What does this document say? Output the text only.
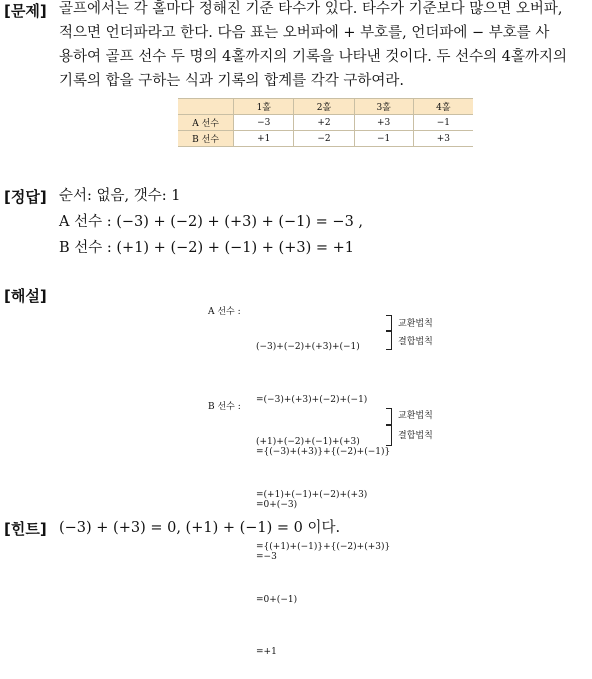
[문제] 골프에서는 각 홀마다 정해진 기준 타수가 있다. 타수가 기준보다 많으면 오버파,
적으면 언더파라고 한다. 다음 표는 오버파에 + 부호를, 언더파에 − 부호를 사
용하여 골프 선수 두 명의 4홀까지의 기록을 나타낸 것이다. 두 선수의 4홀까지의
기록의 합을 구하는 식과 기록의 합계를 각각 구하여라.
	1홀	2홀	3홀	4홀
A 선수	−3	+2	+3	−1
B 선수	+1	−2	−1	+3
[정답] 순서: 없음, 갯수: 1
A 선수 : (−3) + (−2) + (+3) + (−1) = −3 ,
B 선수 : (+1) + (−2) + (−1) + (+3) = +1
[해설]
A 선수 :

(−3)+(−2)+(+3)+(−1)

=(−3)+(+3)+(−2)+(−1)

={(−3)+(+3)}+{(−2)+(−1)}

=0+(−3)

=−3

교환법칙
결합법칙
B 선수 :

(+1)+(−2)+(−1)+(+3)

=(+1)+(−1)+(−2)+(+3)

={(+1)+(−1)}+{(−2)+(+3)}

=0+(−1)

=+1

교환법칙
결합법칙
[힌트] (−3) + (+3) = 0, (+1) + (−1) = 0 이다.
